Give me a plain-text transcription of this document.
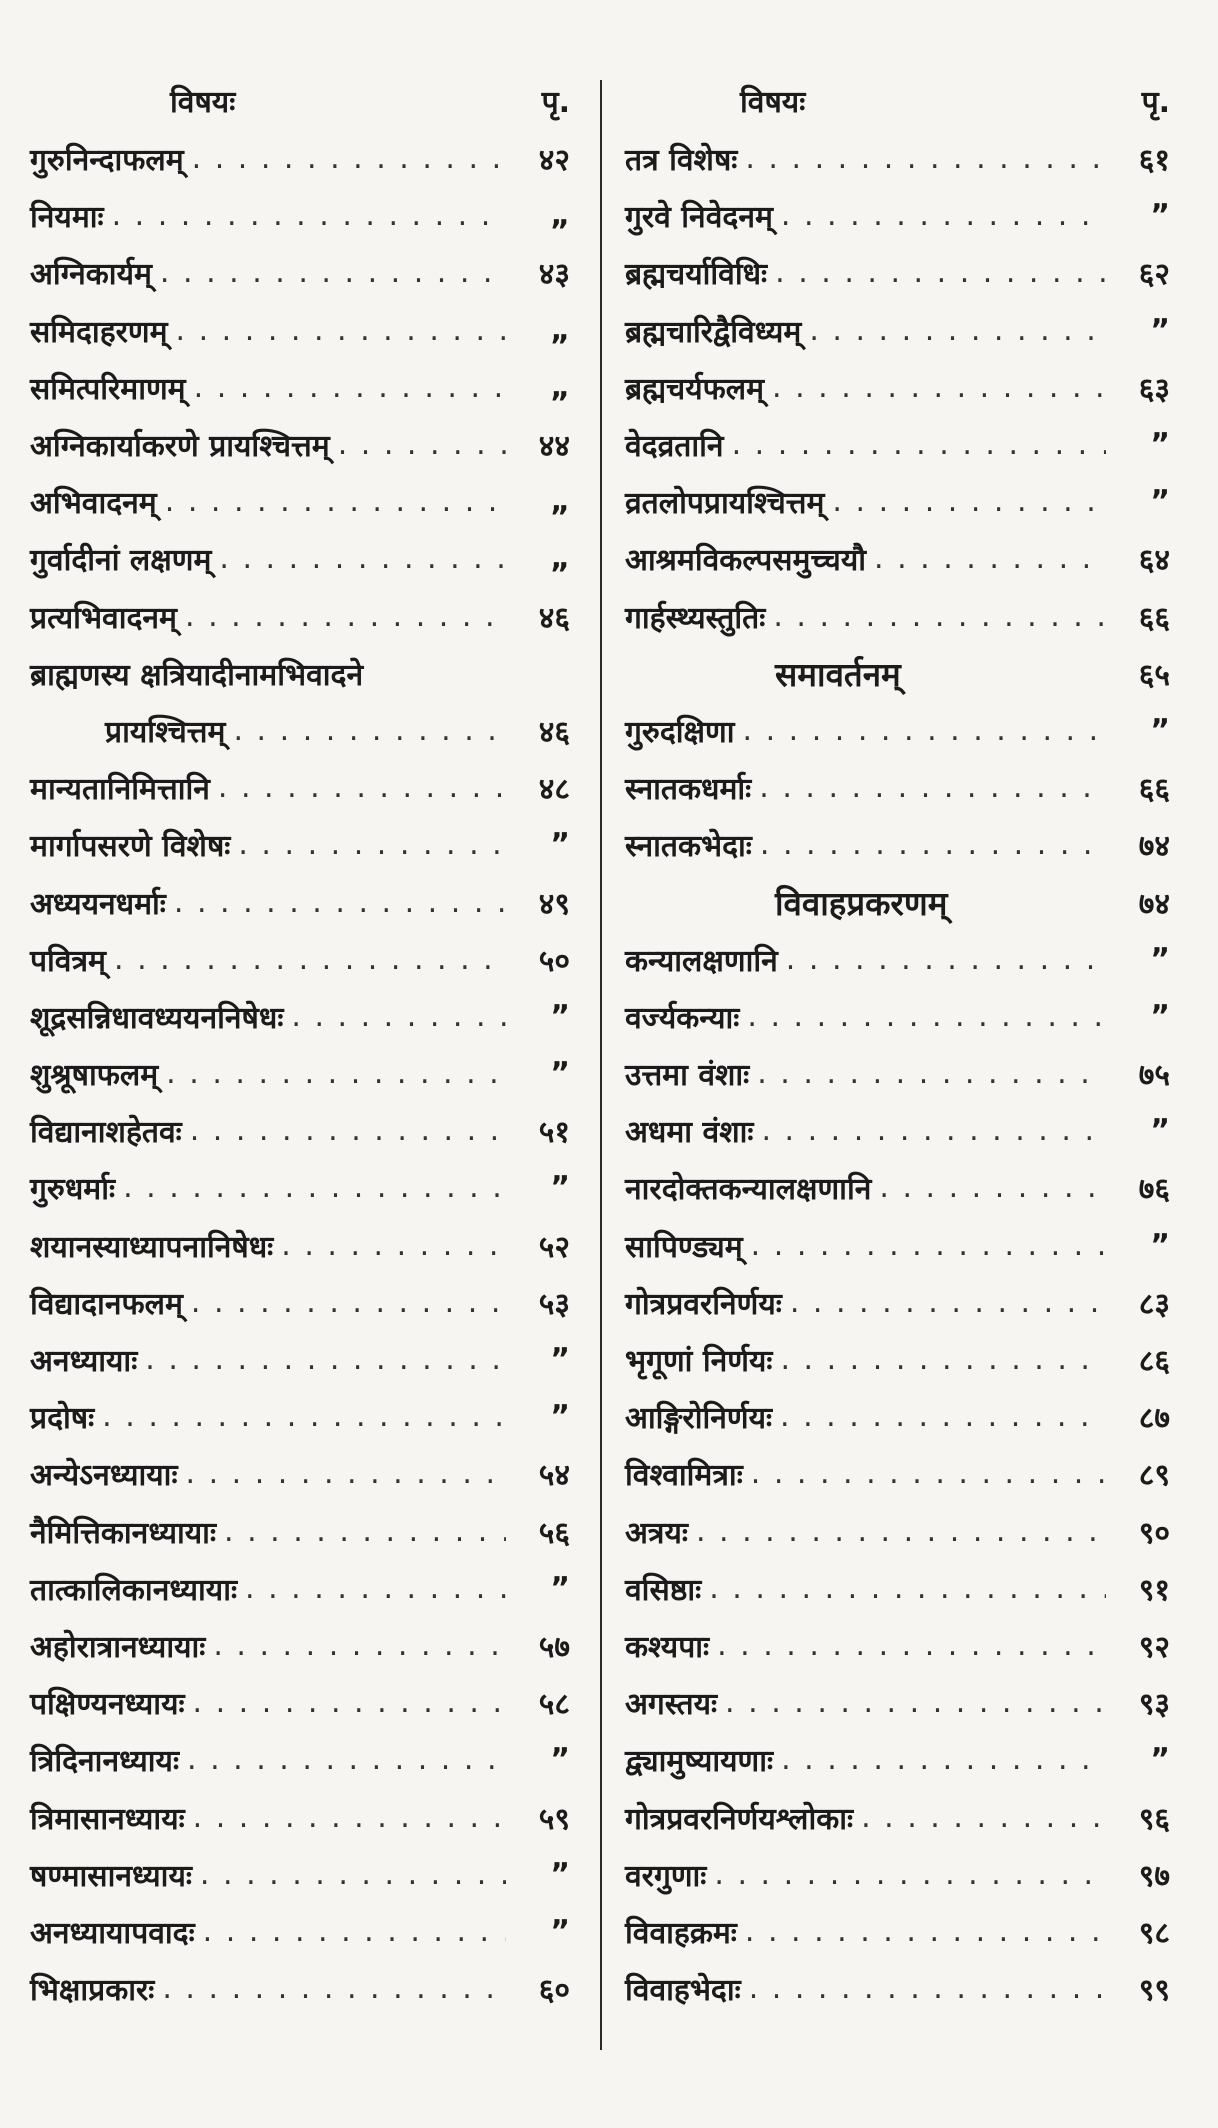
विषयः	पृ.
गुरुनिन्दाफलम् . . .	४२
नियमाः . . .	„
अग्निकार्यम् . . .	४३
समिदाहरणम् . . .	„
समित्परिमाणम् . . .	„
अग्निकार्याकरणे प्रायश्चित्तम् . . .	४४
अभिवादनम् . . .	„
गुर्वादीनां लक्षणम् . . .	„
प्रत्यभिवादनम् . . .	४६
ब्राह्मणस्य क्षत्रियादीनामभिवादने
प्रायश्चित्तम् . . .	४६
मान्यतानिमित्तानि . . .	४८
मार्गापसरणे विशेषः . . .	”
अध्ययनधर्माः . . .	४९
पवित्रम् . . .	५०
शूद्रसन्निधावध्ययननिषेधः . . .	”
शुश्रूषाफलम् . . .	”
विद्यानाशहेतवः . . .	५१
गुरुधर्माः . . .	”
शयानस्याध्यापनानिषेधः . . .	५२
विद्यादानफलम् . . .	५३
अनध्यायाः . . .	”
प्रदोषः . . .	”
अन्येऽनध्यायाः . . .	५४
नैमित्तिकानध्यायाः . . .	५६
तात्कालिकानध्यायाः . . .	”
अहोरात्रानध्यायाः . . .	५७
पक्षिण्यनध्यायः . . .	५८
त्रिदिनानध्यायः . . .	”
त्रिमासानध्यायः . . .	५९
षण्मासानध्यायः . . .	”
अनध्यायापवादः . . .	”
भिक्षाप्रकारः . . .	६०
विषयः	पृ.
तत्र विशेषः . . .	६१
गुरवे निवेदनम् . . .	”
ब्रह्मचर्याविधिः . . .	६२
ब्रह्मचारिद्वैविध्यम् . . .	”
ब्रह्मचर्यफलम् . . .	६३
वेदव्रतानि . . .	”
व्रतलोपप्रायश्चित्तम् . . .	”
आश्रमविकल्पसमुच्चयौ . . .	६४
गार्हस्थ्यस्तुतिः . . .	६६
समावर्तनम्	६५
गुरुदक्षिणा . . .	”
स्नातकधर्माः . . .	६६
स्नातकभेदाः . . .	७४
विवाहप्रकरणम्	७४
कन्यालक्षणानि . . .	”
वर्ज्यकन्याः . . .	”
उत्तमा वंशाः . . .	७५
अधमा वंशाः . . .	”
नारदोक्तकन्यालक्षणानि . . .	७६
सापिण्ड्यम् . . .	”
गोत्रप्रवरनिर्णयः . . .	८३
भृगूणां निर्णयः . . .	८६
आङ्गिरोनिर्णयः . . .	८७
विश्वामित्राः . . .	८९
अत्रयः . . .	९०
वसिष्ठाः . . .	९१
कश्यपाः . . .	९२
अगस्तयः . . .	९३
द्व्यामुष्यायणाः . . .	”
गोत्रप्रवरनिर्णयश्लोकाः . . .	९६
वरगुणाः . . .	९७
विवाहक्रमः . . .	९८
विवाहभेदाः . . .	९९
